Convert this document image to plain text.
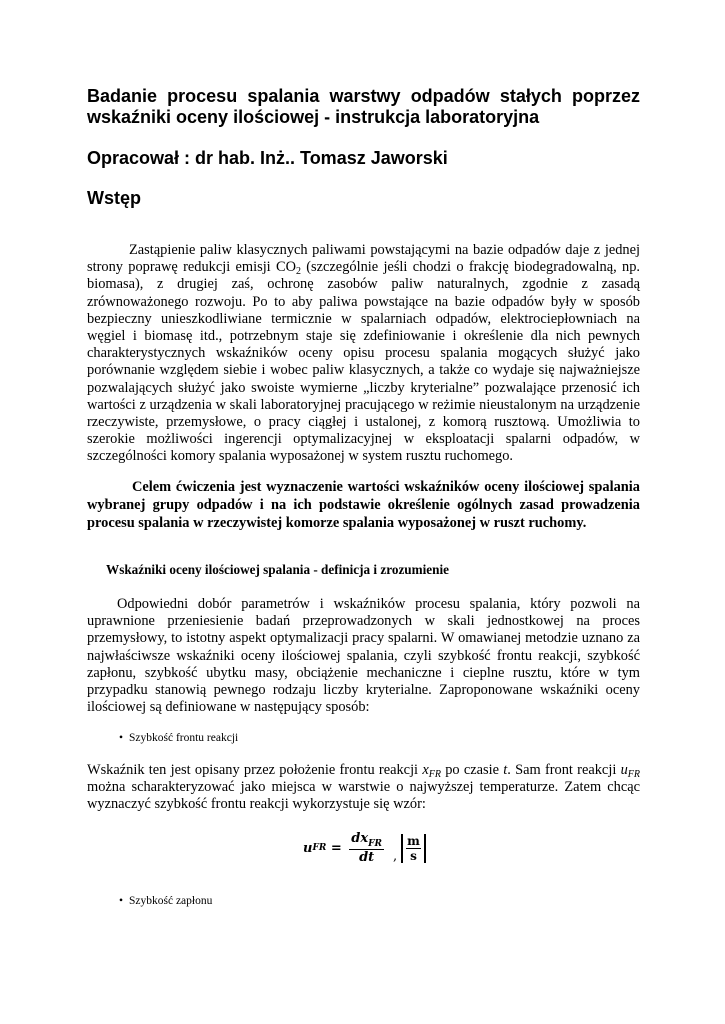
Badanie procesu spalania warstwy odpadów stałych poprzez wskaźniki oceny ilościowej - instrukcja laboratoryjna
Opracował : dr hab. Inż.. Tomasz Jaworski
Wstęp

Zastąpienie paliw klasycznych paliwami powstającymi na bazie odpadów daje z jednej strony poprawę redukcji emisji $CO_2$ (szczególnie jeśli chodzi o frakcję biodegradowalną, np. biomasa), z drugiej zaś, ochronę zasobów paliw naturalnych, zgodnie z zasadą zrównoważonego rozwoju. Po to aby paliwa powstające na bazie odpadów były w sposób bezpieczny unieszkodliwiane termicznie w spalarniach odpadów, elektrociepłowniach na węgiel i biomasę itd., potrzebnym staje się zdefiniowanie i określenie dla nich pewnych charakterystycznych wskaźników oceny opisu procesu spalania mogących służyć jako porównanie względem siebie i wobec paliw klasycznych, a także co wydaje się najważniejsze pozwalających służyć jako swoiste wymierne „liczby kryterialne” pozwalające przenosić ich wartości z urządzenia w skali laboratoryjnej pracującego w reżimie nieustalonym na urządzenie rzeczywiste, przemysłowe, o pracy ciągłej i ustalonej, z komorą rusztową. Umożliwia to szerokie możliwości ingerencji optymalizacyjnej w eksploatacji spalarni odpadów, w szczególności komory spalania wyposażonej w system rusztu ruchomego.

Celem ćwiczenia jest wyznaczenie wartości wskaźników oceny ilościowej spalania wybranej grupy odpadów i na ich podstawie określenie ogólnych zasad prowadzenia procesu spalania w rzeczywistej komorze spalania wyposażonej w ruszt ruchomy.

Wskaźniki oceny ilościowej spalania - definicja i zrozumienie

Odpowiedni dobór parametrów i wskaźników procesu spalania, który pozwoli na uprawnione przeniesienie badań przeprowadzonych w skali jednostkowej na proces przemysłowy, to istotny aspekt optymalizacji pracy spalarni. W omawianej metodzie uznano za najwłaściwsze wskaźniki oceny ilościowej spalania, czyli szybkość frontu reakcji, szybkość zapłonu, szybkość ubytku masy, obciążenie mechaniczne i cieplne rusztu, które w tym przypadku stanowią pewnego rodzaju liczby kryterialne. Zaproponowane wskaźniki oceny ilościowej są definiowane w następujący sposób:

• Szybkość frontu reakcji

Wskaźnik ten jest opisany przez położenie frontu reakcji $x_{FR}$ po czasie t. Sam front reakcji $u_{FR}$ można scharakteryzować jako miejsca w warstwie o najwyższej temperaturze. Zatem chcąc wyznaczyć szybkość frontu reakcji wykorzystuje się wzór:

u FR = $\frac{dx_{FR}}{dt}$ , $\frac{m}{s}$

• Szybkość zapłonu
